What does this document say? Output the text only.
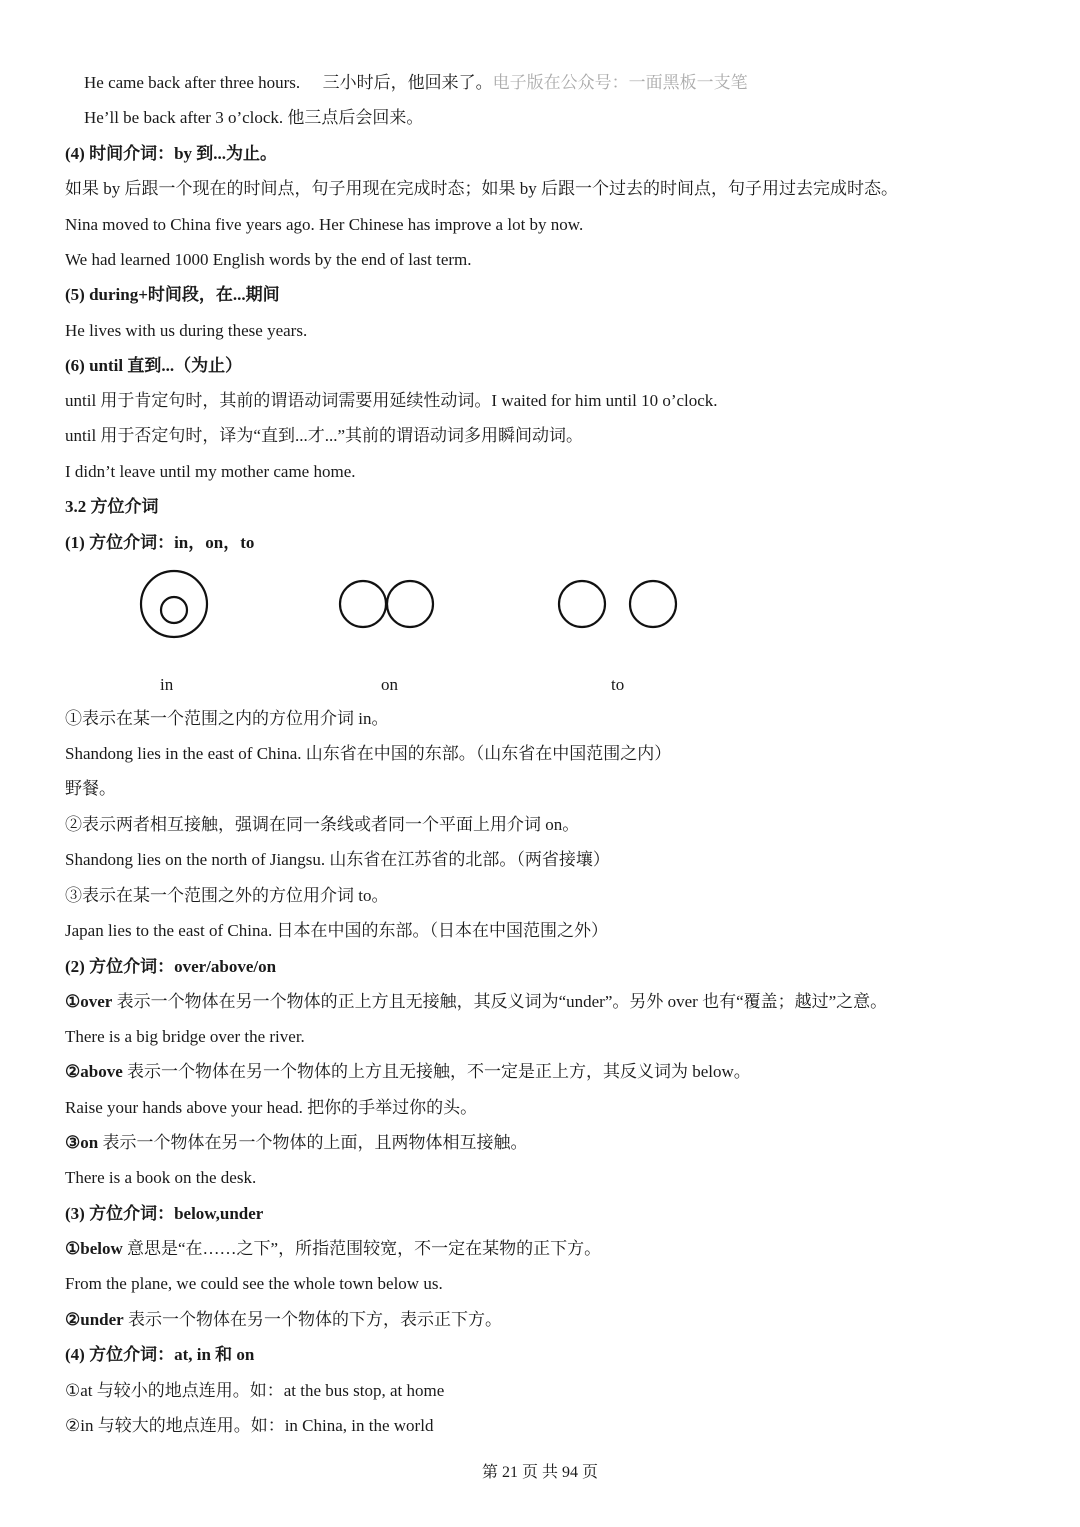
He came back after three hours. 三小时后，他回来了。电子版在公众号：一面黑板一支笔
He’ll be back after 3 o’clock. 他三点后会回来。
(4) 时间介词：by 到...为止。
如果 by 后跟一个现在的时间点，句子用现在完成时态；如果 by 后跟一个过去的时间点，句子用过去完成时态。
Nina moved to China five years ago. Her Chinese has improve a lot by now.
We had learned 1000 English words by the end of last term.
(5) during+时间段，在...期间
He lives with us during these years.
(6) until 直到...（为止）
until 用于肯定句时，其前的谓语动词需要用延续性动词。I waited for him until 10 o’clock.
until 用于否定句时，译为“直到...才...”其前的谓语动词多用瞬间动词。
I didn’t leave until my mother came home.
3.2 方位介词
(1) 方位介词：in，on，to
in	on	to
①表示在某一个范围之内的方位用介词 in。
Shandong lies in the east of China. 山东省在中国的东部。（山东省在中国范围之内）
野餐。
②表示两者相互接触，强调在同一条线或者同一个平面上用介词 on。
Shandong lies on the north of Jiangsu. 山东省在江苏省的北部。（两省接壤）
③表示在某一个范围之外的方位用介词 to。
Japan lies to the east of China. 日本在中国的东部。（日本在中国范围之外）
(2) 方位介词：over/above/on
①over 表示一个物体在另一个物体的正上方且无接触，其反义词为“under”。另外 over 也有“覆盖；越过”之意。
There is a big bridge over the river.
②above 表示一个物体在另一个物体的上方且无接触，不一定是正上方，其反义词为 below。
Raise your hands above your head. 把你的手举过你的头。
③on 表示一个物体在另一个物体的上面，且两物体相互接触。
There is a book on the desk.
(3) 方位介词：below,under
①below 意思是“在……之下”，所指范围较宽，不一定在某物的正下方。
From the plane, we could see the whole town below us.
②under 表示一个物体在另一个物体的下方，表示正下方。
(4) 方位介词：at, in 和 on
①at 与较小的地点连用。如：at the bus stop, at home
②in 与较大的地点连用。如：in China, in the world
第 21 页 共 94 页
